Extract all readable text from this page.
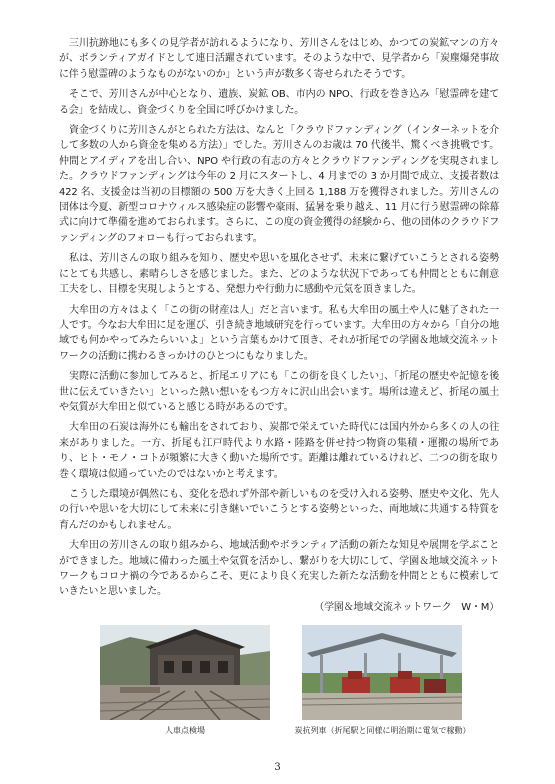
三川抗跡地にも多くの見学者が訪れるようになり、芳川さんをはじめ、かつての炭鉱マンの方々が、ボランティアガイドとして連日活躍されています。そのような中で、見学者から「炭塵爆発事故に伴う慰霊碑のようなものがないのか」という声が数多く寄せられたそうです。

そこで、芳川さんが中心となり、遺族、炭鉱 OB、市内の NPO、行政を巻き込み「慰霊碑を建てる会」を結成し、資金づくりを全国に呼びかけました。

資金づくりに芳川さんがとられた方法は、なんと「クラウドファンディング（インターネットを介して多数の人から資金を集める方法）」でした。芳川さんのお歳は 70 代後半、驚くべき挑戦です。仲間とアイディアを出し合い、NPO や行政の有志の方々とクラウドファンディングを実現されました。クラウドファンディングは今年の 2 月にスタートし、4 月までの 3 か月間で成立、支援者数は 422 名、支援金は当初の目標額の 500 万を大きく上回る 1,188 万を獲得されました。芳川さんの団体は今夏、新型コロナウィルス感染症の影響や豪雨、猛暑を乗り越え、11 月に行う慰霊碑の除幕式に向けて準備を進めておられます。さらに、この度の資金獲得の経験から、他の団体のクラウドファンディングのフォローも行っておられます。

私は、芳川さんの取り組みを知り、歴史や思いを風化させず、未来に繋げていこうとされる姿勢にとても共感し、素晴らしさを感じました。また、どのような状況下であっても仲間とともに創意工夫をし、目標を実現しようとする、発想力や行動力に感動や元気を頂きました。

大牟田の方々はよく「この街の財産は人」だと言います。私も大牟田の風土や人に魅了された一人です。今なお大牟田に足を運び、引き続き地域研究を行っています。大牟田の方々から「自分の地域でも何かやってみたらいいよ」という言葉もかけて頂き、それが折尾での学園＆地域交流ネットワークの活動に携わるきっかけのひとつにもなりました。

実際に活動に参加してみると、折尾エリアにも「この街を良くしたい」、「折尾の歴史や記憶を後世に伝えていきたい」といった熱い想いをもつ方々に沢山出会います。場所は違えど、折尾の風土や気質が大牟田と似ていると感じる時があるのです。

大牟田の石炭は海外にも輸出をされており、炭都で栄えていた時代には国内外から多くの人の往来がありました。一方、折尾も江戸時代より水路・陸路を併せ持つ物資の集積・運搬の場所であり、ヒト・モノ・コトが頻繁に大きく動いた場所です。距離は離れているけれど、二つの街を取り巻く環境は似通っていたのではないかと考えます。

こうした環境が偶然にも、変化を恐れず外部や新しいものを受け入れる姿勢、歴史や文化、先人の行いや思いを大切にして未来に引き継いでいこうとする姿勢といった、両地域に共通する特質を育んだのかもしれません。

大牟田の芳川さんの取り組みから、地域活動やボランティア活動の新たな知見や展開を学ぶことができました。地域に備わった風土や気質を活かし、繋がりを大切にして、学園＆地域交流ネットワークもコロナ禍の今であるからこそ、更により良く充実した新たな活動を仲間とともに模索していきたいと思いました。
（学園＆地域交流ネットワーク　W・M）

人車点検場	炭抗列車（折尾駅と同様に明治期に電気で稼動）
3
